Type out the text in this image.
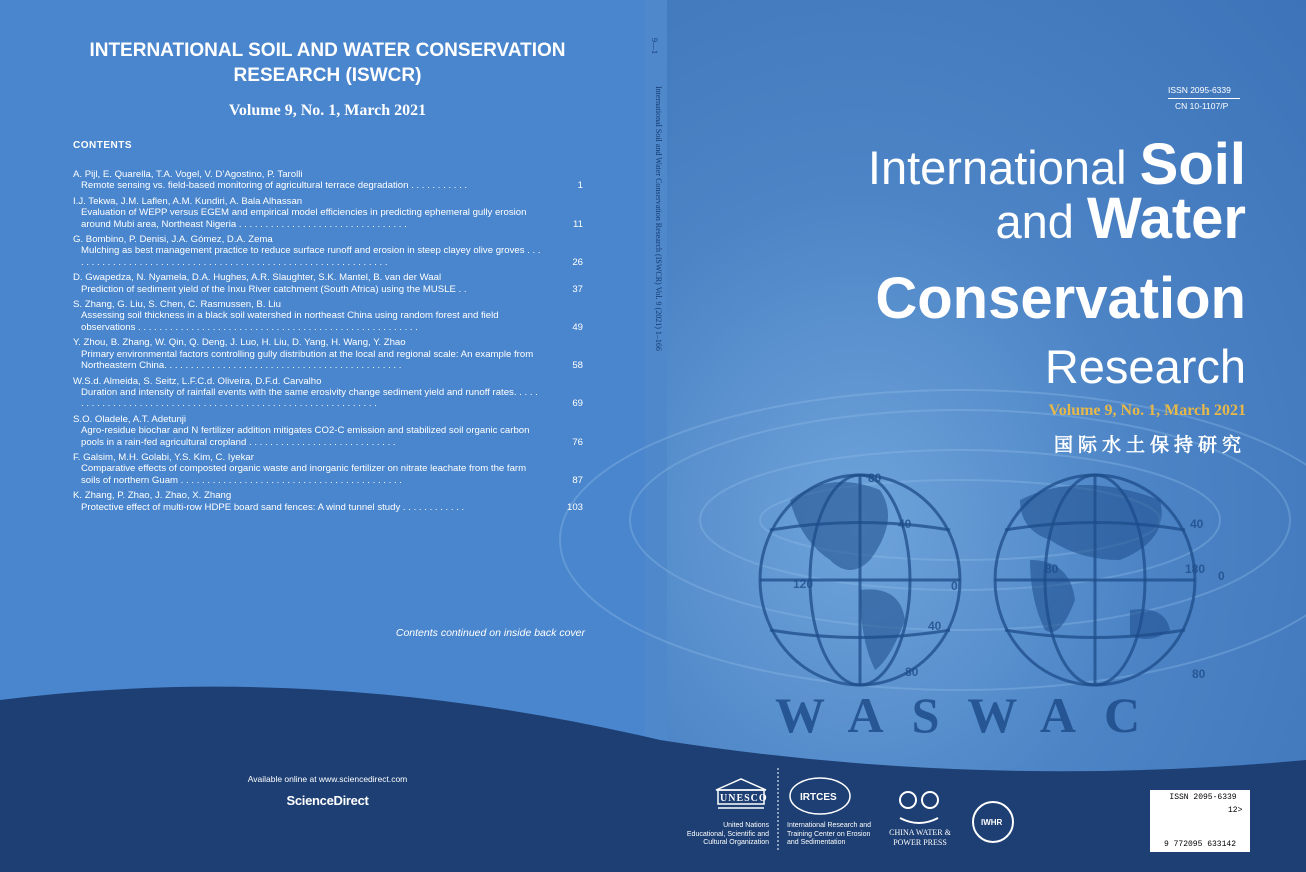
INTERNATIONAL SOIL AND WATER CONSERVATION RESEARCH (ISWCR)
Volume 9, No. 1, March 2021
CONTENTS
A. Pijl, E. Quarella, T.A. Vogel, V. D’Agostino, P. Tarolli
Remote sensing vs. field-based monitoring of agricultural terrace degradation . . . . . . . . . . .	1
I.J. Tekwa, J.M. Laflen, A.M. Kundiri, A. Bala Alhassan
Evaluation of WEPP versus EGEM and empirical model efficiencies in predicting ephemeral gully erosion around Mubi area, Northeast Nigeria . . . . . . . . . . . . . . . . . . . . . . . . . . . . . . . .	11
G. Bombino, P. Denisi, J.A. Gómez, D.A. Zema
Mulching as best management practice to reduce surface runoff and erosion in steep clayey olive groves . . . . . . . . . . . . . . . . . . . . . . . . . . . . . . . . . . . . . . . . . . . . . . . . . . . . . . . . . . . . .	26
D. Gwapedza, N. Nyamela, D.A. Hughes, A.R. Slaughter, S.K. Mantel, B. van der Waal
Prediction of sediment yield of the Inxu River catchment (South Africa) using the MUSLE . .	37
S. Zhang, G. Liu, S. Chen, C. Rasmussen, B. Liu
Assessing soil thickness in a black soil watershed in northeast China using random forest and field observations . . . . . . . . . . . . . . . . . . . . . . . . . . . . . . . . . . . . . . . . . . . . . . . . . . . . .	49
Y. Zhou, B. Zhang, W. Qin, Q. Deng, J. Luo, H. Liu, D. Yang, H. Wang, Y. Zhao
Primary environmental factors controlling gully distribution at the local and regional scale: An example from Northeastern China. . . . . . . . . . . . . . . . . . . . . . . . . . . . . . . . . . . . . . . . . . . . .	58
W.S.d. Almeida, S. Seitz, L.F.C.d. Oliveira, D.F.d. Carvalho
Duration and intensity of rainfall events with the same erosivity change sediment yield and runoff rates. . . . . . . . . . . . . . . . . . . . . . . . . . . . . . . . . . . . . . . . . . . . . . . . . . . . . . . . . . . . .	69
S.O. Oladele, A.T. Adetunji
Agro-residue biochar and N fertilizer addition mitigates CO2-C emission and stabilized soil organic carbon pools in a rain-fed agricultural cropland . . . . . . . . . . . . . . . . . . . . . . . . . . . .	76
F. Galsim, M.H. Golabi, Y.S. Kim, C. Iyekar
Comparative effects of composted organic waste and inorganic fertilizer on nitrate leachate from the farm soils of northern Guam . . . . . . . . . . . . . . . . . . . . . . . . . . . . . . . . . . . . . . . . . .	87
K. Zhang, P. Zhao, J. Zhao, X. Zhang
Protective effect of multi-row HDPE board sand fences: A wind tunnel study . . . . . . . . . . . .	103
Contents continued on inside back cover
Available online at www.sciencedirect.com
ScienceDirect
9—1
International Soil and Water Conservation Research (ISWCR) Vol. 9 (2021) 1–166	ISSN 2095-6339
CN 10-1107/P
International Soil
and Water
Conservation
Research
Volume 9, No. 1, March 2021
国际水土保持研究
80
40	40
0
120
40
80
180 0
80
80
WASWAC
UNESCO	IRTCES
IWHR
United Nations Educational, Scientific and Cultural Organization
International Research and Training Center on Erosion and Sedimentation
CHINA WATER & POWER PRESS
ISSN 2095-6339
12>
9 772095 633142
